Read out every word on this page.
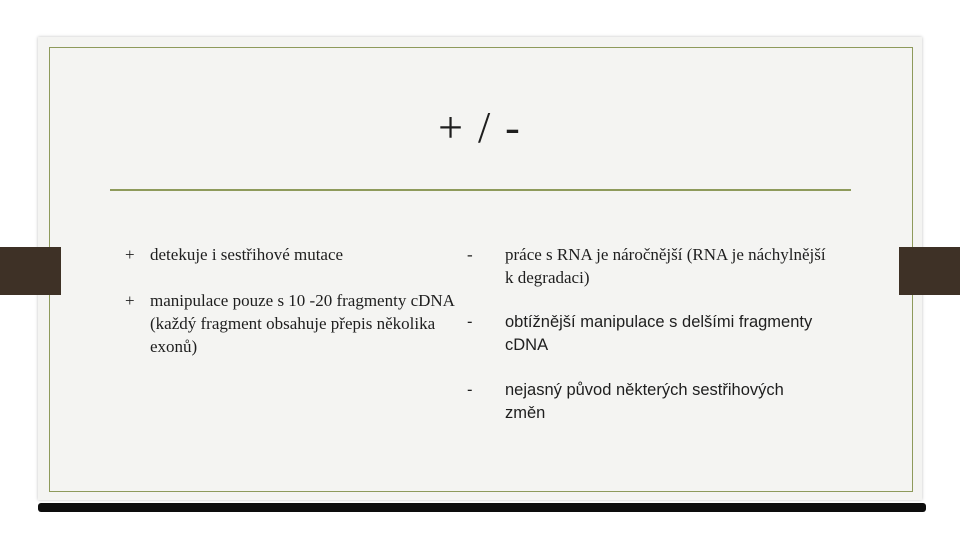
+ / -
+ detekuje i sestřihové mutace
+ manipulace pouze s 10 -20 fragmenty cDNA (každý fragment obsahuje přepis několika exonů)
-	práce s RNA je náročnější (RNA je náchylnější k degradaci)
-	obtížnější manipulace s delšími fragmenty cDNA
-	nejasný původ některých sestřihových změn
